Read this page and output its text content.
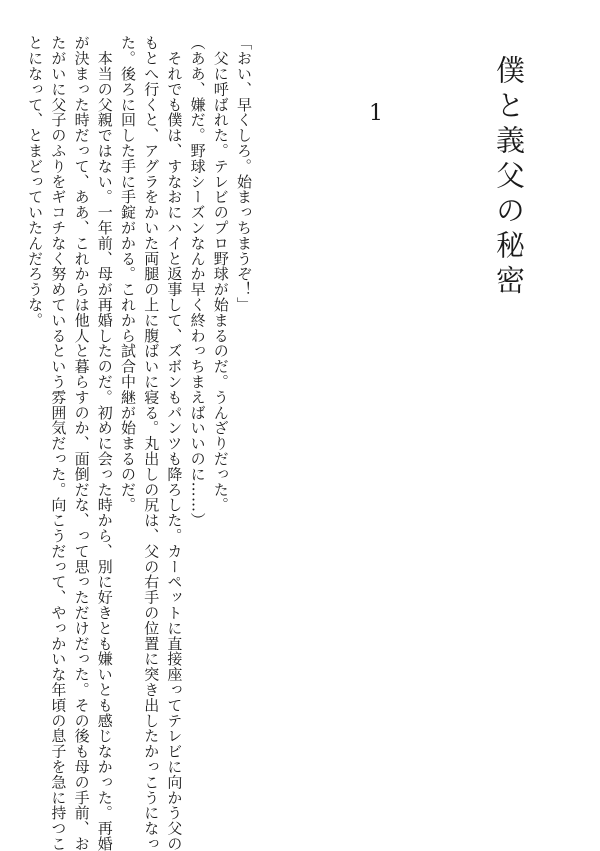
僕と義父の秘密
1
「おい、早くしろ。始まっちまうぞ！」
　父に呼ばれた。テレビのプロ野球が始まるのだ。うんざりだった。
（ああ、嫌だ。野球シーズンなんか早く終わっちまえばいいのに……）
　それでも僕は、すなおにハイと返事して、ズボンもパンツも降ろした。カーペットに直接座ってテレビに向かう父の
もとへ行くと、アグラをかいた両腿の上に腹ばいに寝る。丸出しの尻は、父の右手の位置に突き出したかっこうになっ
た。後ろに回した手に手錠がかる。これから試合中継が始まるのだ。
　本当の父親ではない。一年前、母が再婚したのだ。初めに会った時から、別に好きとも嫌いとも感じなかった。再婚
が決まった時だって、ああ、これからは他人と暮らすのか、面倒だな、って思っただけだった。その後も母の手前、お
たがいに父子のふりをギコチなく努めているという雰囲気だった。向こうだって、やっかいな年頃の息子を急に持つこ
とになって、とまどっていたんだろうな。
